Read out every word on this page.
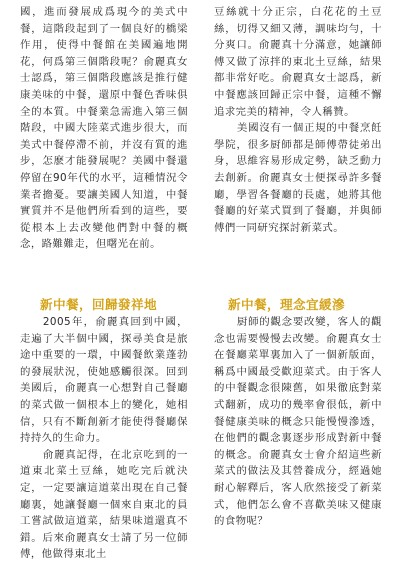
國，進而發展成爲現今的美式中餐，這階段起到了一個良好的橋梁作用，使得中餐館在美國遍地開花，何爲第三個階段呢？俞麗真女士認爲，第三個階段應該是推行健康美味的中餐，還原中餐色香味俱全的本質。中餐業急需進入第三個階段，中國大陸菜式進步很大，而美式中餐停滯不前，并沒有質的進步，怎麽才能發展呢？美國中餐還停留在90年代的水平，這種情況令業者擔憂。要讓美國人知道，中餐實質并不是他們所看到的這些，要從根本上去改變他們對中餐的概念，路難難走，但曙光在前。

新中餐，回歸發祥地

2005年，俞麗真回到中國，走遍了大半個中國，探尋美食是旅途中重要的一環，中國餐飲業蓬勃的發展狀況，使她感觸很深。回到美國后，俞麗真一心想對自己餐廳的菜式做一個根本上的變化，她相信，只有不斷創新才能使得餐廳保持持久的生命力。

俞麗真記得，在北京吃到的一道東北菜土豆絲，她吃完后就決定，一定要讓這道菜出現在自己餐廳裏，她讓餐廳一個來自東北的員工嘗試做這道菜，結果味道還真不錯。后來俞麗真女士請了另一位師傅，他做得東北土

豆絲就十分正宗，白花花的土豆絲，切得又細又薄，調味均勻，十分爽口。俞麗真十分滿意，她讓師傅又做了涼拌的東北土豆絲，結果都非常好吃。俞麗真女士認爲，新中餐應該回歸正宗中餐，這種不懈追求完美的精神，令人稱贊。

美國沒有一個正規的中餐烹飪學院，很多厨師都是師傅帶徒弟出身，思維容易形成定勢，缺乏動力去創新。俞麗真女士便探尋許多餐廳，學習各餐廳的長處，她將其他餐廳的好菜式買到了餐廳，并與師傅們一同研究探討新菜式。

新中餐，理念宜緩滲

厨師的觀念要改變，客人的觀念也需要慢慢去改變。俞麗真女士在餐廳菜單裏加入了一個新版面，稱爲中國最受歡迎菜式。由于客人的中餐觀念很陳舊，如果徹底對菜式翻新，成功的幾率會很低，新中餐健康美味的概念只能慢慢滲透，在他們的觀念裏逐步形成對新中餐的概念。俞麗真女士會介紹這些新菜式的做法及其營養成分，經過她耐心解釋后，客人欣然接受了新菜式，他們怎么會不喜歡美味又健康的食物呢？
